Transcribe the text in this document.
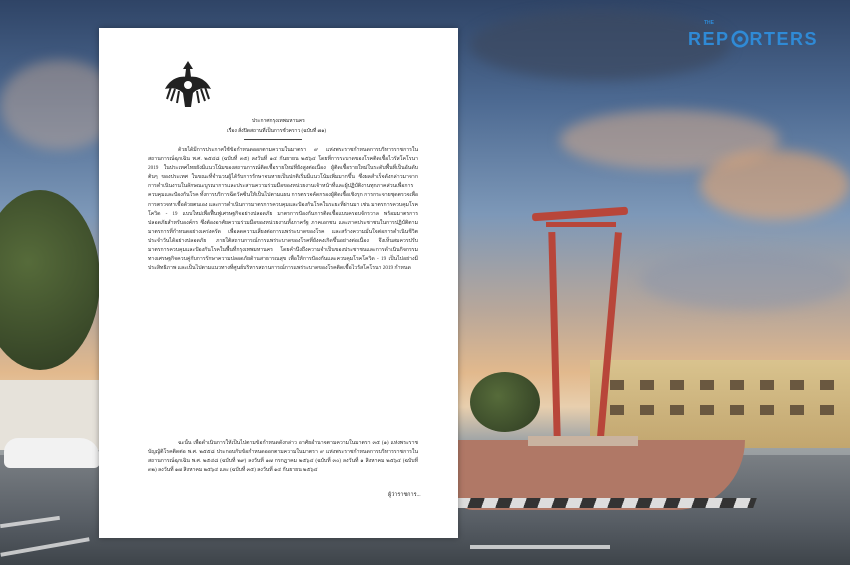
THE
REP RTERS
ประกาศกรุงเทพมหานคร
เรื่อง สั่งปิดสถานที่เป็นการชั่วคราว (ฉบับที่ ๗๑)
ด้วยได้มีการประกาศใช้ข้อกำหนดออกตามความในมาตรา ๙ แห่งพระราชกำหนดการบริหารราชการในสถานการณ์ฉุกเฉิน พ.ศ. ๒๕๔๘ (ฉบับที่ ๓๕) ลงวันที่ ๑๔ กันยายน ๒๕๖๔ โดยที่การระบาดของโรคติดเชื้อไวรัสโคโรนา 2019 ในประเทศไทยยังมีแนวโน้มของสถานการณ์ติดเชื้อรายใหม่ที่ยังสูงต่อเนื่อง ผู้ติดเชื้อรายใหม่ในระดับพื้นที่เป็นอันดับต้นๆ ของประเทศ ในขณะที่จำนวนผู้ได้รับการรักษาจนหายเป็นปกติเริ่มมีแนวโน้มเพิ่มมากขึ้น ซึ่งผลสำเร็จดังกล่าวมาจากการดำเนินงานในลักษณะบูรณาการและประสานความร่วมมือของหน่วยงานเจ้าหน้าที่และผู้ปฏิบัติงานทุกภาคส่วนเพื่อการควบคุมและป้องกันโรค ทั้งการบริการฉีดวัคซีนให้เป็นไปตามแผน การตรวจคัดกรองผู้ติดเชื้อเชิงรุก การกระจายชุดตรวจเพื่อการตรวจหาเชื้อด้วยตนเอง และการดำเนินการมาตรการควบคุมและป้องกันโรคในระยะที่ผ่านมา เช่น มาตรการควบคุมโรคโควิด - 19 แบบใหม่เพื่อฟื้นฟูเศรษฐกิจอย่างปลอดภัย มาตรการป้องกันการติดเชื้อแบบครอบจักรวาล พร้อมมาตรการปลอดภัยสำหรับองค์กร ซึ่งต้องอาศัยความร่วมมือของหน่วยงานทั้งภาครัฐ ภาคเอกชน และภาคประชาชนในการปฏิบัติตามมาตรการที่กำหนดอย่างเคร่งครัด เพื่อลดความเสี่ยงต่อการแพร่ระบาดของโรค และสร้างความมั่นใจต่อการดำเนินชีวิตประจำวันได้อย่างปลอดภัย ภายใต้สถานการณ์การแพร่ระบาดของโรคที่ยังคงเกิดขึ้นอย่างต่อเนื่อง จึงเห็นสมควรปรับมาตรการควบคุมและป้องกันโรคในพื้นที่กรุงเทพมหานคร โดยคำนึงถึงความจำเป็นของประชาชนและการดำเนินกิจกรรมทางเศรษฐกิจควบคู่กับการรักษาความปลอดภัยด้านสาธารณสุข เพื่อให้การป้องกันและควบคุมโรคโควิด - 19 เป็นไปอย่างมีประสิทธิภาพ และเป็นไปตามแนวทางที่ศูนย์บริหารสถานการณ์การแพร่ระบาดของโรคติดเชื้อไวรัสโคโรนา 2019 กำหนด
ฉะนั้น เพื่อดำเนินการให้เป็นไปตามข้อกำหนดดังกล่าว อาศัยอำนาจตามความในมาตรา ๓๕ (๑) แห่งพระราชบัญญัติโรคติดต่อ พ.ศ. ๒๕๕๘ ประกอบกับข้อกำหนดออกตามความในมาตรา ๙ แห่งพระราชกำหนดการบริหารราชการในสถานการณ์ฉุกเฉิน พ.ศ. ๒๕๔๘ (ฉบับที่ ๒๙) ลงวันที่ ๑๗ กรกฎาคม ๒๕๖๔ (ฉบับที่ ๓๐) ลงวันที่ ๑ สิงหาคม ๒๕๖๔ (ฉบับที่ ๓๒) ลงวันที่ ๑๗ สิงหาคม ๒๕๖๔ และ (ฉบับที่ ๓๕) ลงวันที่ ๑๔ กันยายน ๒๕๖๔
ผู้ว่าราชการ...
